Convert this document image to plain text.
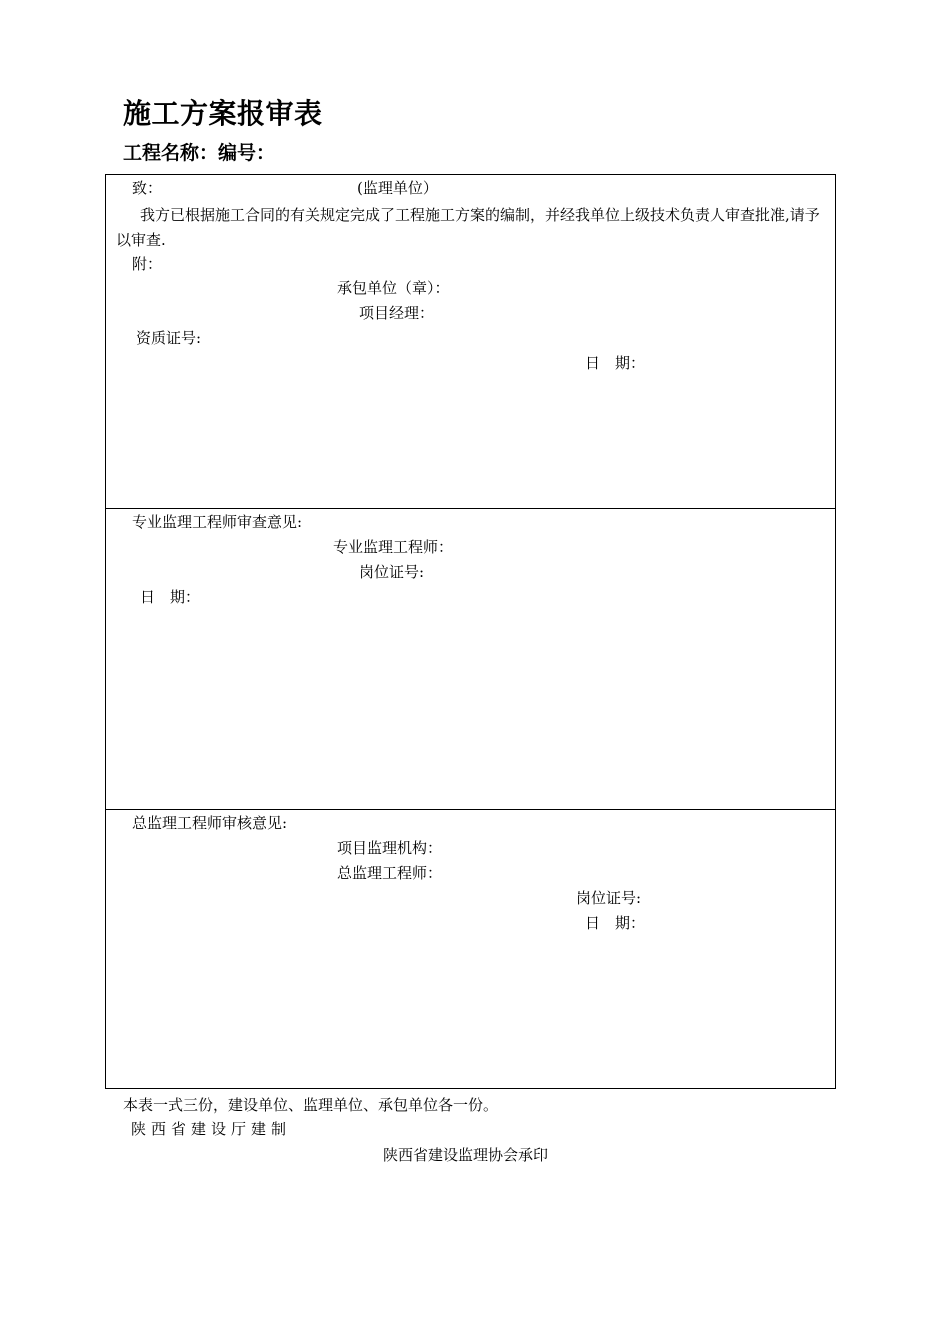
施工方案报审表
工程名称：编号：
致：	(监理单位）
我方已根据施工合同的有关规定完成了工程施工方案的编制，并经我单位上级技术负责人审查批准,请予以审查.
附：
承包单位（章）：
项目经理：
资质证号:
日　期：
专业监理工程师审查意见:
专业监理工程师：
岗位证号:
日　期：
总监理工程师审核意见:
项目监理机构：
总监理工程师：
岗位证号:
日　期：
本表一式三份，建设单位、监理单位、承包单位各一份。
陕西省建设厅建制
陕西省建设监理协会承印
